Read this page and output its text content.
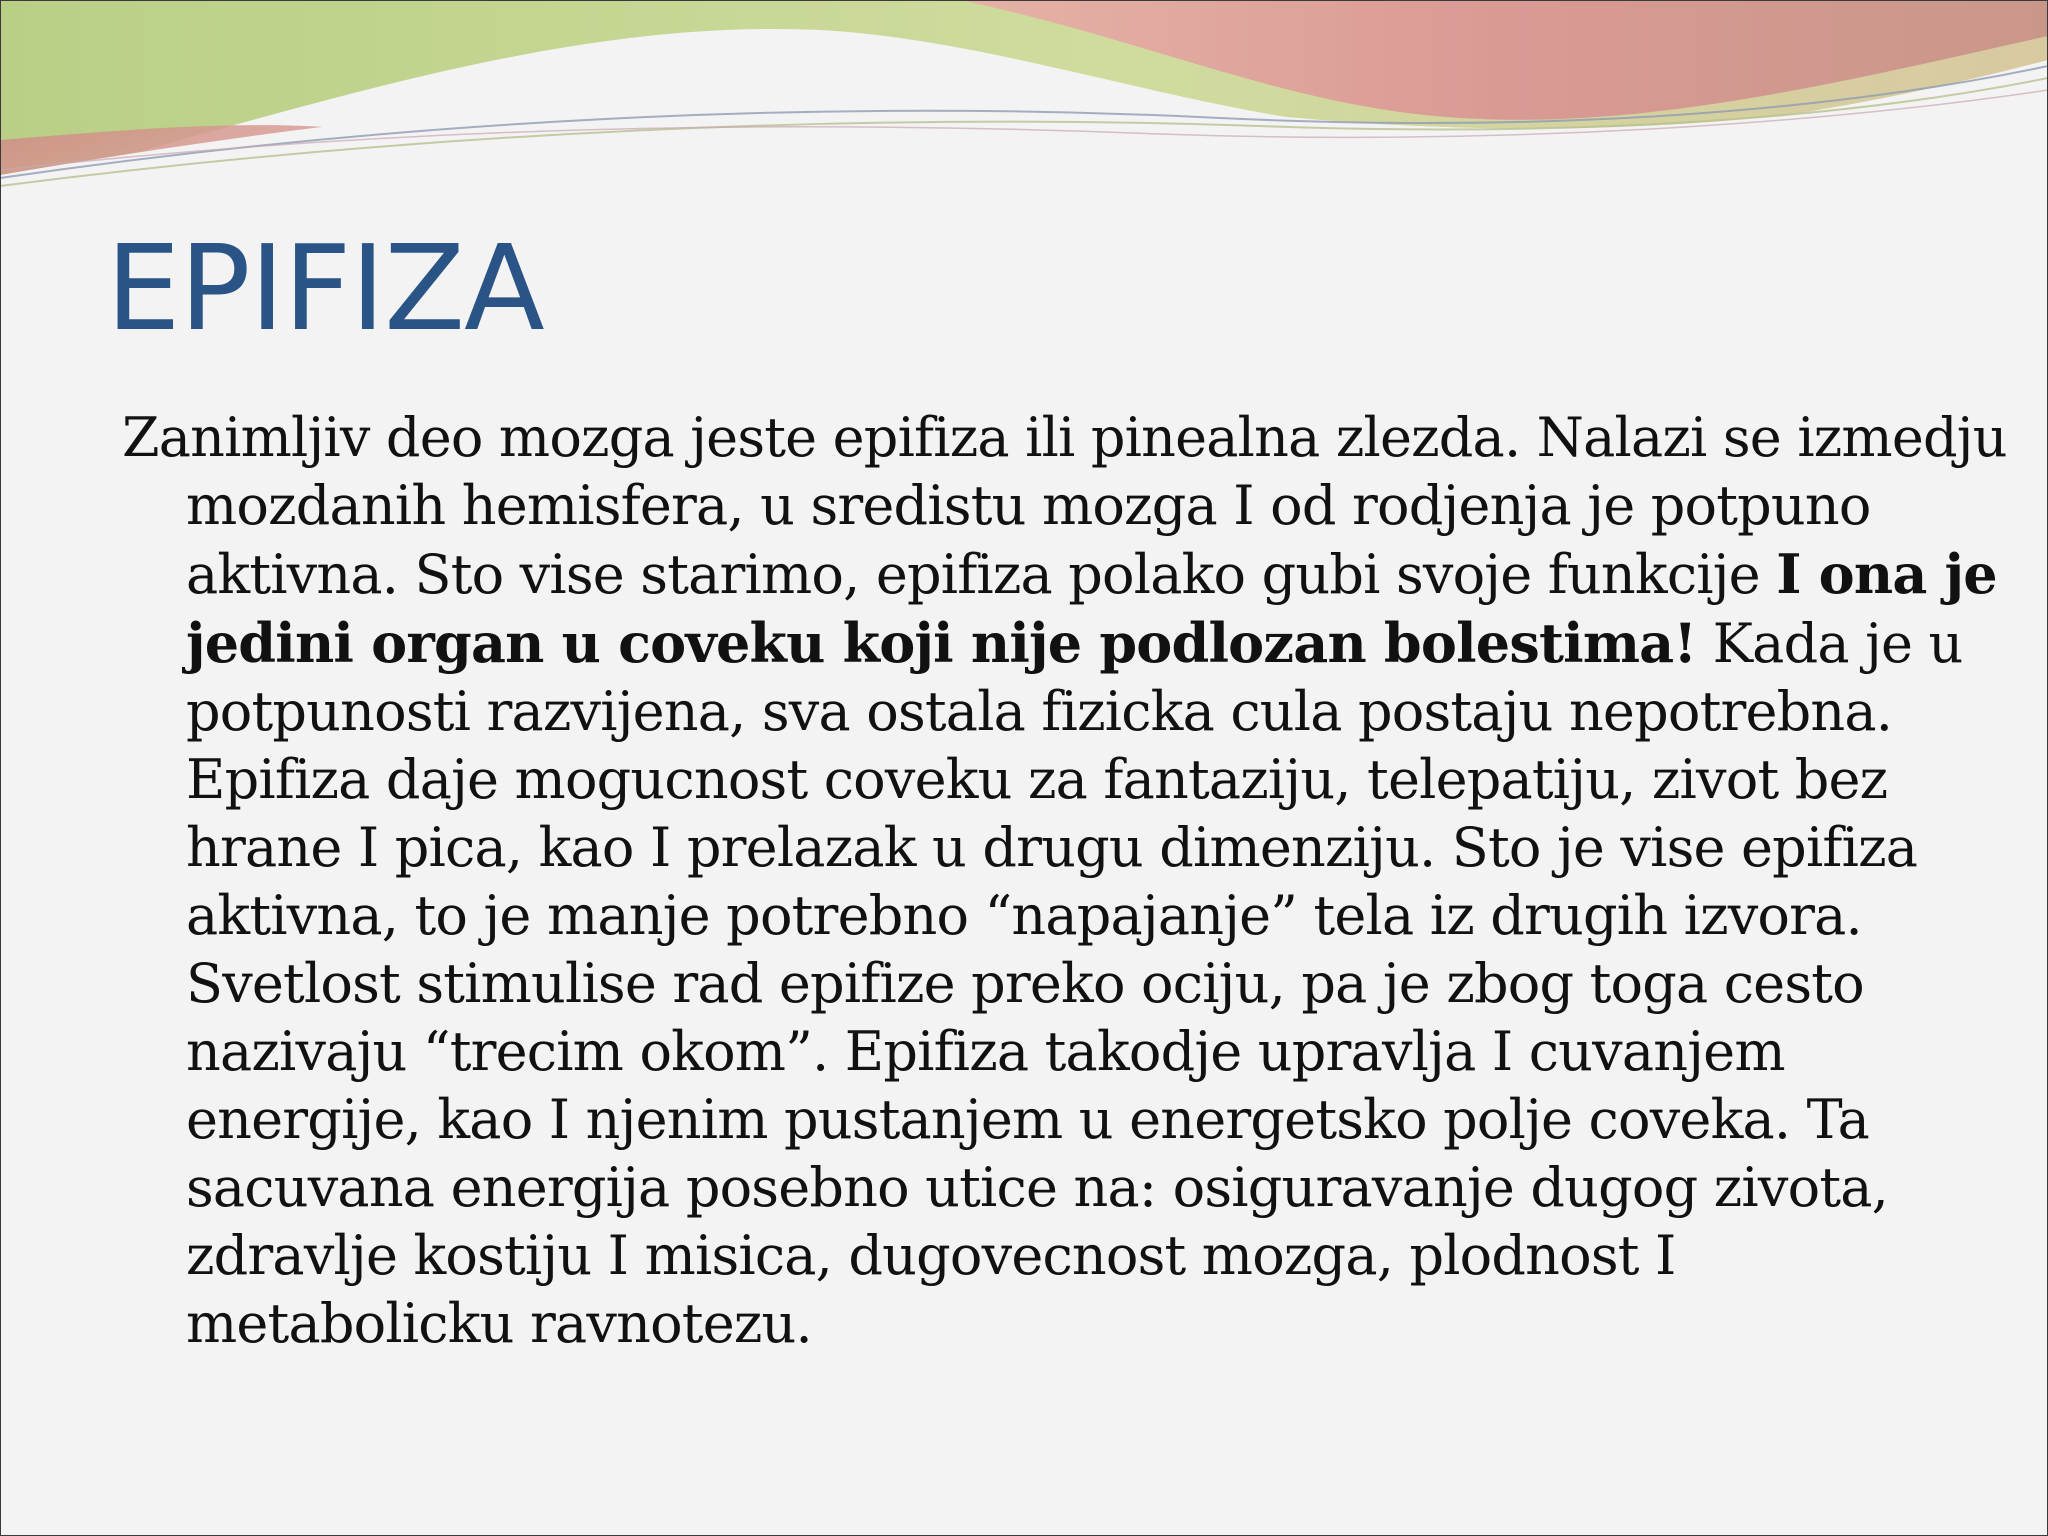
EPIFIZA

Zanimljiv deo mozga jeste epifiza ili pinealna zlezda. Nalazi se izmedju mozdanih hemisfera, u sredistu mozga I od rodjenja je potpuno aktivna. Sto vise starimo, epifiza polako gubi svoje funkcije I ona je jedini organ u coveku koji nije podlozan bolestima! Kada je u potpunosti razvijena, sva ostala fizicka cula postaju nepotrebna. Epifiza daje mogucnost coveku za fantaziju, telepatiju, zivot bez hrane I pica, kao I prelazak u drugu dimenziju. Sto je vise epifiza aktivna, to je manje potrebno “napajanje” tela iz drugih izvora. Svetlost stimulise rad epifize preko ociju, pa je zbog toga cesto nazivaju “trecim okom”. Epifiza takodje upravlja I cuvanjem energije, kao I njenim pustanjem u energetsko polje coveka. Ta sacuvana energija posebno utice na: osiguravanje dugog zivota, zdravlje kostiju I misica, dugovecnost mozga, plodnost I metabolicku ravnotezu.
